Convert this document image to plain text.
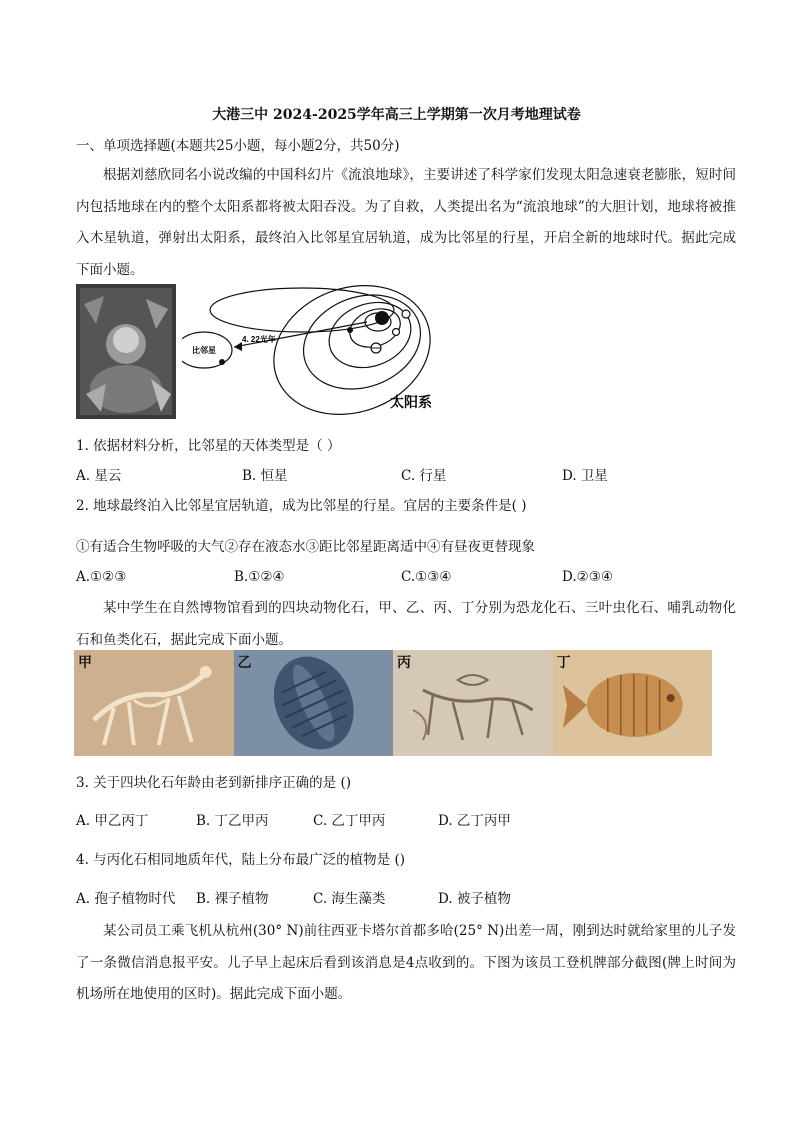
大港三中 2024-2025学年高三上学期第一次月考地理试卷
一、单项选择题(本题共25小题，每小题2分，共50分)
根据刘慈欣同名小说改编的中国科幻片《流浪地球》，主要讲述了科学家们发现太阳急速衰老膨胀，短时间内包括地球在内的整个太阳系都将被太阳吞没。为了自救，人类提出名为“流浪地球”的大胆计划，地球将被推入木星轨道，弹射出太阳系，最终泊入比邻星宜居轨道，成为比邻星的行星，开启全新的地球时代。据此完成下面小题。
比邻星
4. 22光年
太阳系
1. 依据材料分析，比邻星的天体类型是（ ）
A. 星云	B. 恒星	C. 行星	D. 卫星
2. 地球最终泊入比邻星宜居轨道，成为比邻星的行星。宜居的主要条件是( )
①有适合生物呼吸的大气②存在液态水③距比邻星距离适中④有昼夜更替现象
A.①②③	B.①②④	C.①③④	D.②③④
某中学生在自然博物馆看到的四块动物化石，甲、乙、丙、丁分别为恐龙化石、三叶虫化石、哺乳动物化石和鱼类化石，据此完成下面小题。
甲	乙	丙	丁
3. 关于四块化石年龄由老到新排序正确的是 ()
A. 甲乙丙丁	B. 丁乙甲丙	C. 乙丁甲丙	D. 乙丁丙甲
4. 与丙化石相同地质年代，陆上分布最广泛的植物是 ()
A. 孢子植物时代 B. 裸子植物	C. 海生藻类	D. 被子植物
某公司员工乘飞机从杭州(30° N)前往西亚卡塔尔首都多哈(25° N)出差一周，刚到达时就给家里的儿子发了一条微信消息报平安。儿子早上起床后看到该消息是4点收到的。下图为该员工登机牌部分截图(牌上时间为机场所在地使用的区时)。据此完成下面小题。
